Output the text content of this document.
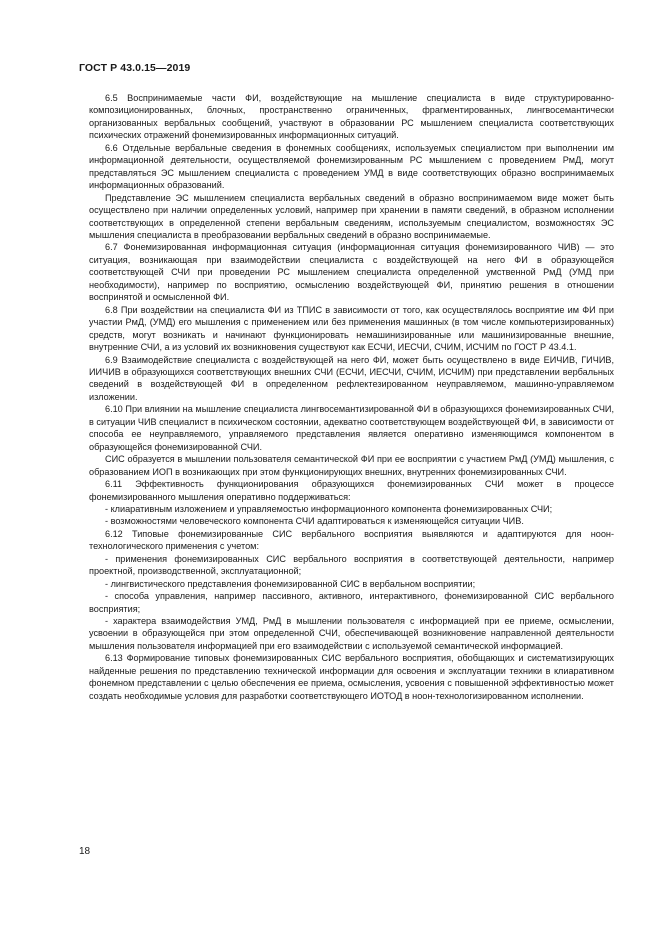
ГОСТ Р 43.0.15—2019

6.5 Воспринимаемые части ФИ, воздействующие на мышление специалиста в виде структурированно-композиционированных, блочных, пространственно ограниченных, фрагментированных, лингвосемантически организованных вербальных сообщений, участвуют в образовании РС мышлением специалиста соответствующих психических отражений фонемизированных информационных ситуаций.

6.6 Отдельные вербальные сведения в фонемных сообщениях, используемых специалистом при выполнении им информационной деятельности, осуществляемой фонемизированным РС мышлением с проведением РмД, могут представляться ЭС мышлением специалиста с проведением УМД в виде соответствующих образно воспринимаемых информационных образований.

Представление ЭС мышлением специалиста вербальных сведений в образно воспринимаемом виде может быть осуществлено при наличии определенных условий, например при хранении в памяти сведений, в образном исполнении соответствующих в определенной степени вербальным сведениям, используемым специалистом, возможностях ЭС мышления специалиста в преобразовании вербальных сведений в образно воспринимаемые.

6.7 Фонемизированная информационная ситуация (информационная ситуация фонемизированного ЧИВ) — это ситуация, возникающая при взаимодействии специалиста с воздействующей на него ФИ в образующейся соответствующей СЧИ при проведении РС мышлением специалиста определенной умственной РмД (УМД при необходимости), например по восприятию, осмыслению воздействующей ФИ, принятию решения в отношении воспринятой и осмысленной ФИ.

6.8 При воздействии на специалиста ФИ из ТПИС в зависимости от того, как осуществлялось восприятие им ФИ при участии РмД, (УМД) его мышления с применением или без применения машинных (в том числе компьютеризированных) средств, могут возникать и начинают функционировать немашинизированные или машинизированные внешние, внутренние СЧИ, а из условий их возникновения существуют как ЕСЧИ, ИЕСЧИ, СЧИМ, ИСЧИМ по ГОСТ Р 43.4.1.

6.9 Взаимодействие специалиста с воздействующей на него ФИ, может быть осуществлено в виде ЕИЧИВ, ГИЧИВ, ИИЧИВ в образующихся соответствующих внешних СЧИ (ЕСЧИ, ИЕСЧИ, СЧИМ, ИСЧИМ) при представлении вербальных сведений в воздействующей ФИ в определенном рефлектезированном неуправляемом, машинно-управляемом изложении.

6.10 При влиянии на мышление специалиста лингвосемантизированной ФИ в образующихся фонемизированных СЧИ, в ситуации ЧИВ специалист в психическом состоянии, адекватно соответствующем воздействующей ФИ, в зависимости от способа ее неуправляемого, управляемого представления является оперативно изменяющимся компонентом в образующейся фонемизированной СЧИ.

СИС образуется в мышлении пользователя семантической ФИ при ее восприятии с участием РмД (УМД) мышления, с образованием ИОП в возникающих при этом функционирующих внешних, внутренних фонемизированных СЧИ.

6.11 Эффективность функционирования образующихся фонемизированных СЧИ может в процессе фонемизированного мышления оперативно поддерживаться:

- клиаративным изложением и управляемостью информационного компонента фонемизированных СЧИ;

- возможностями человеческого компонента СЧИ адаптироваться к изменяющейся ситуации ЧИВ.

6.12 Типовые фонемизированные СИС вербального восприятия выявляются и адаптируются для ноон-технологического применения с учетом:

- применения фонемизированных СИС вербального восприятия в соответствующей деятельности, например проектной, производственной, эксплуатационной;

- лингвистического представления фонемизированной СИС в вербальном восприятии;

- способа управления, например пассивного, активного, интерактивного, фонемизированной СИС вербального восприятия;

- характера взаимодействия УМД, РмД в мышлении пользователя с информацией при ее приеме, осмыслении, усвоении в образующейся при этом определенной СЧИ, обеспечивающей возникновение направленной деятельности мышления пользователя информацией при его взаимодействии с используемой семантической информацией.

6.13 Формирование типовых фонемизированных СИС вербального восприятия, обобщающих и систематизирующих найденные решения по представлению технической информации для освоения и эксплуатации техники в клиаративном фонемном представлении с целью обеспечения ее приема, осмысления, усвоения с повышенной эффективностью может создать необходимые условия для разработки соответствующего ИОТОД в ноон-технологизированном исполнении.

18
